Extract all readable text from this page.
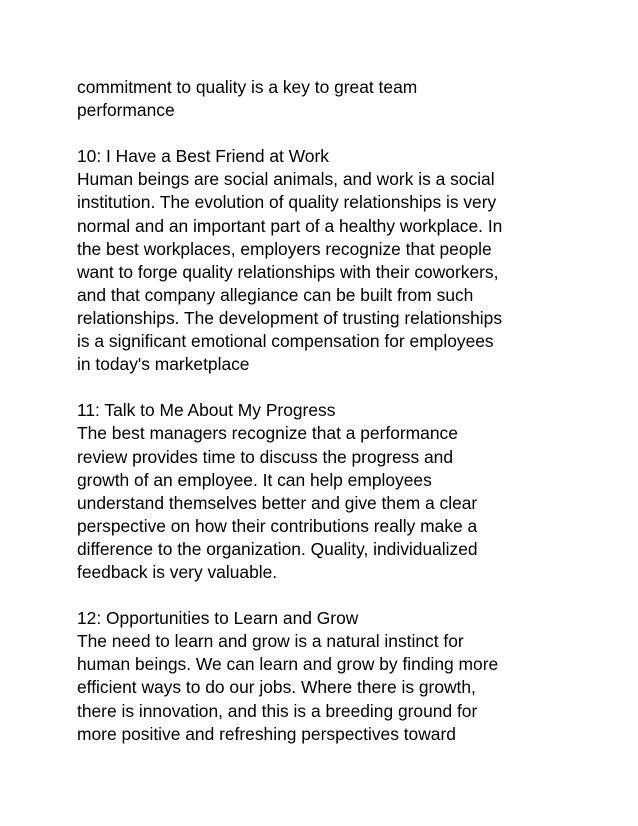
commitment to quality is a key to great team
performance
10: I Have a Best Friend at Work
Human beings are social animals, and work is a social
institution. The evolution of quality relationships is very
normal and an important part of a healthy workplace. In
the best workplaces, employers recognize that people
want to forge quality relationships with their coworkers,
and that company allegiance can be built from such
relationships. The development of trusting relationships
is a significant emotional compensation for employees
in today's marketplace
11: Talk to Me About My Progress
The best managers recognize that a performance
review provides time to discuss the progress and
growth of an employee. It can help employees
understand themselves better and give them a clear
perspective on how their contributions really make a
difference to the organization. Quality, individualized
feedback is very valuable.
12: Opportunities to Learn and Grow
The need to learn and grow is a natural instinct for
human beings. We can learn and grow by finding more
efficient ways to do our jobs. Where there is growth,
there is innovation, and this is a breeding ground for
more positive and refreshing perspectives toward
